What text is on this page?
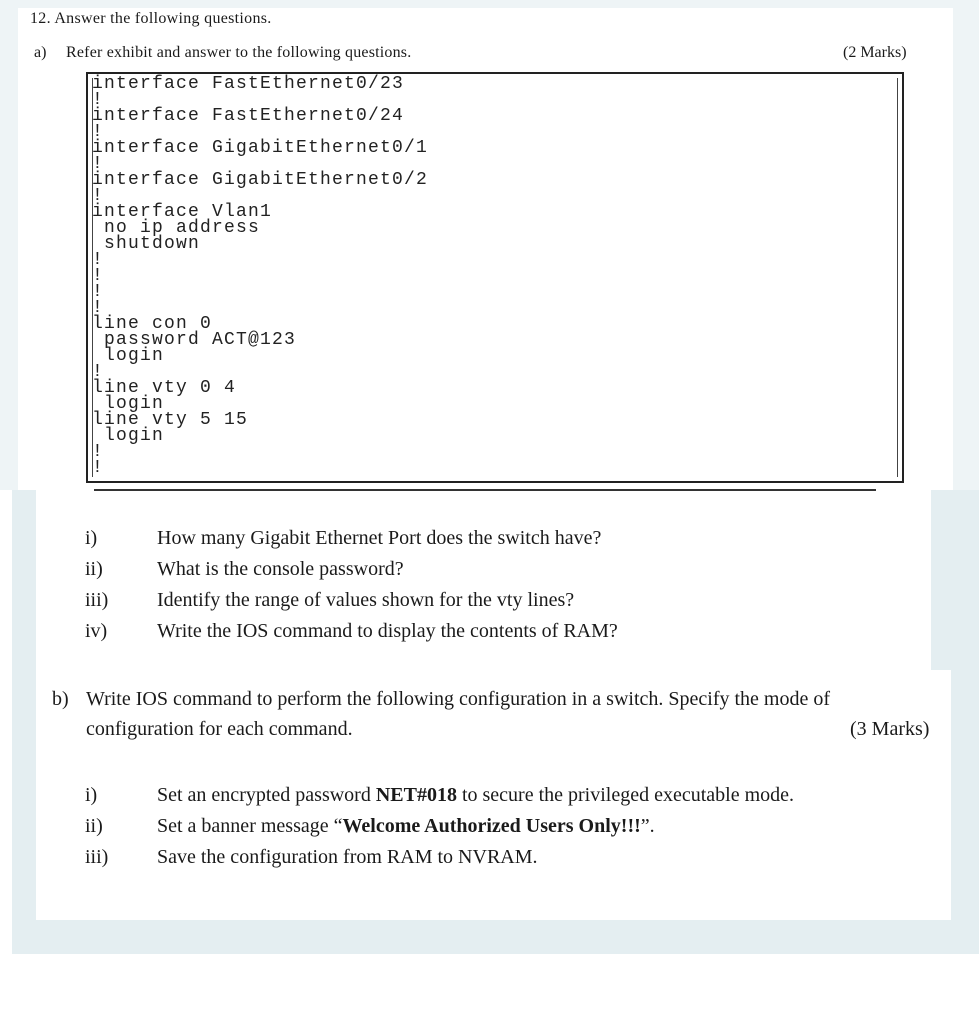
12. Answer the following questions.
a) Refer exhibit and answer to the following questions.	(2 Marks)
interface FastEthernet0/23
!
interface FastEthernet0/24
!
interface GigabitEthernet0/1
!
interface GigabitEthernet0/2
!
interface Vlan1
no ip address
shutdown
!
!
!
!
line con 0
password ACT@123
login
!
line vty 0 4
login
line vty 5 15
login
!
!

i)	How many Gigabit Ethernet Port does the switch have?
ii)	What is the console password?
iii) Identify the range of values shown for the vty lines?
iv) Write the IOS command to display the contents of RAM?
b) Write IOS command to perform the following configuration in a switch. Specify the mode of
configuration for each command.	(3 Marks)
i)	Set an encrypted password NET#018 to secure the privileged executable mode.
ii)	Set a banner message “Welcome Authorized Users Only!!!”.
iii) Save the configuration from RAM to NVRAM.
